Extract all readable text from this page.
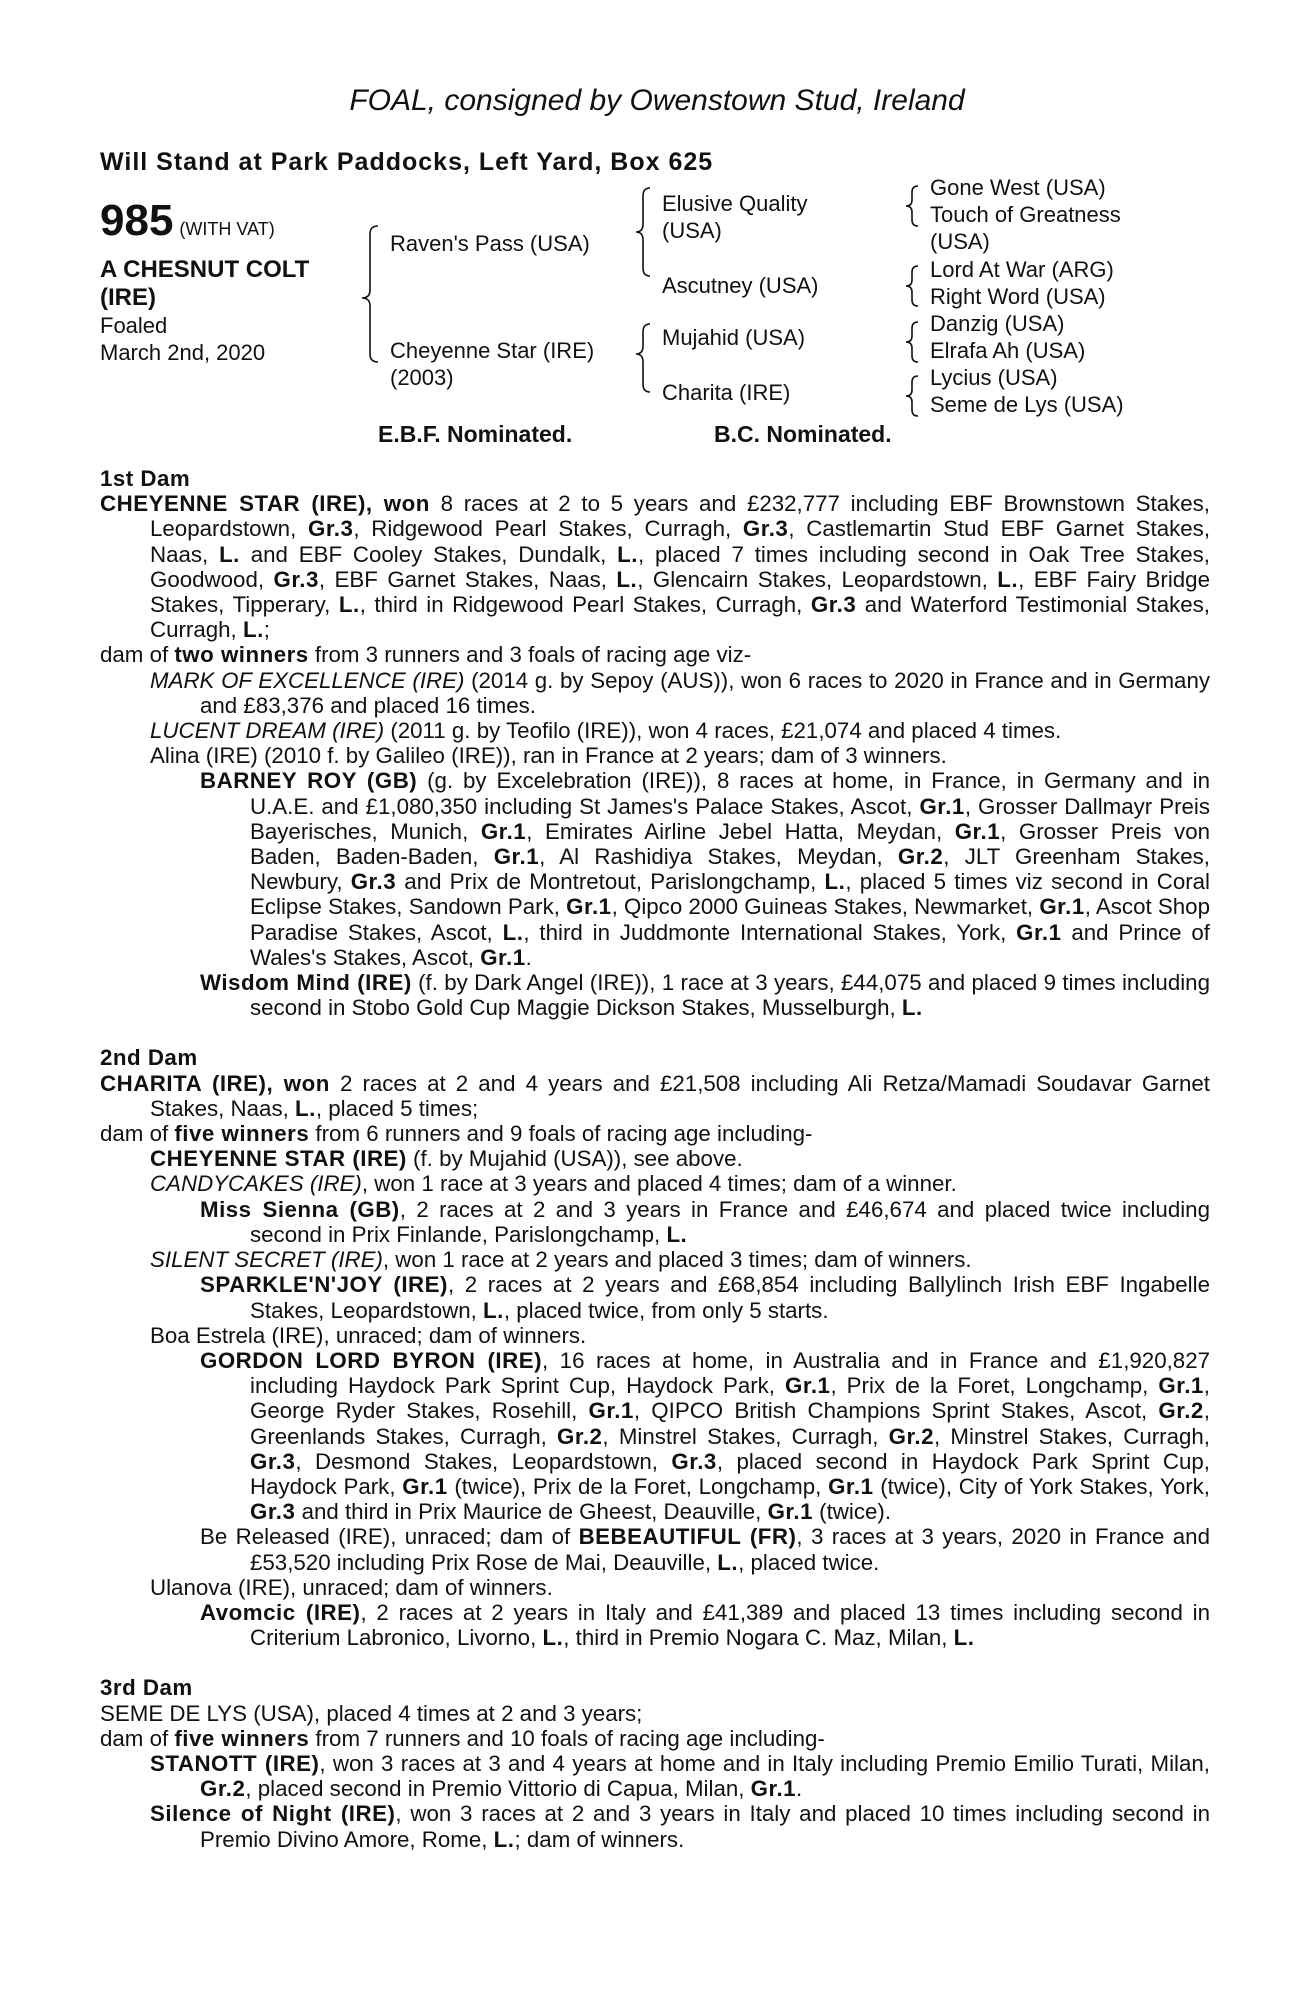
FOAL, consigned by Owenstown Stud, Ireland
Will Stand at Park Paddocks, Left Yard, Box 625
985 (WITH VAT)
A CHESNUT COLT
(IRE)
Foaled
March 2nd, 2020
Raven's Pass (USA)
Cheyenne Star (IRE)
(2003)
Elusive Quality
(USA)
Ascutney (USA)
Mujahid (USA)
Charita (IRE)
Gone West (USA)
Touch of Greatness
(USA)
Lord At War (ARG)
Right Word (USA)
Danzig (USA)
Elrafa Ah (USA)
Lycius (USA)
Seme de Lys (USA)
E.B.F. Nominated.	B.C. Nominated.

1st Dam

CHEYENNE STAR (IRE), won 8 races at 2 to 5 years and £232,777 including EBF Brownstown Stakes, Leopardstown, Gr.3, Ridgewood Pearl Stakes, Curragh, Gr.3, Castlemartin Stud EBF Garnet Stakes, Naas, L. and EBF Cooley Stakes, Dundalk, L., placed 7 times including second in Oak Tree Stakes, Goodwood, Gr.3, EBF Garnet Stakes, Naas, L., Glencairn Stakes, Leopardstown, L., EBF Fairy Bridge Stakes, Tipperary, L., third in Ridgewood Pearl Stakes, Curragh, Gr.3 and Waterford Testimonial Stakes, Curragh, L.;

dam of two winners from 3 runners and 3 foals of racing age viz-

MARK OF EXCELLENCE (IRE) (2014 g. by Sepoy (AUS)), won 6 races to 2020 in France and in Germany and £83,376 and placed 16 times.

LUCENT DREAM (IRE) (2011 g. by Teofilo (IRE)), won 4 races, £21,074 and placed 4 times.

Alina (IRE) (2010 f. by Galileo (IRE)), ran in France at 2 years; dam of 3 winners.

BARNEY ROY (GB) (g. by Excelebration (IRE)), 8 races at home, in France, in Germany and in U.A.E. and £1,080,350 including St James's Palace Stakes, Ascot, Gr.1, Grosser Dallmayr Preis Bayerisches, Munich, Gr.1, Emirates Airline Jebel Hatta, Meydan, Gr.1, Grosser Preis von Baden, Baden-Baden, Gr.1, Al Rashidiya Stakes, Meydan, Gr.2, JLT Greenham Stakes, Newbury, Gr.3 and Prix de Montretout, Parislongchamp, L., placed 5 times viz second in Coral Eclipse Stakes, Sandown Park, Gr.1, Qipco 2000 Guineas Stakes, Newmarket, Gr.1, Ascot Shop Paradise Stakes, Ascot, L., third in Juddmonte International Stakes, York, Gr.1 and Prince of Wales's Stakes, Ascot, Gr.1.

Wisdom Mind (IRE) (f. by Dark Angel (IRE)), 1 race at 3 years, £44,075 and placed 9 times including second in Stobo Gold Cup Maggie Dickson Stakes, Musselburgh, L.

2nd Dam

CHARITA (IRE), won 2 races at 2 and 4 years and £21,508 including Ali Retza/Mamadi Soudavar Garnet Stakes, Naas, L., placed 5 times;

dam of five winners from 6 runners and 9 foals of racing age including-

CHEYENNE STAR (IRE) (f. by Mujahid (USA)), see above.

CANDYCAKES (IRE), won 1 race at 3 years and placed 4 times; dam of a winner.

Miss Sienna (GB), 2 races at 2 and 3 years in France and £46,674 and placed twice including second in Prix Finlande, Parislongchamp, L.

SILENT SECRET (IRE), won 1 race at 2 years and placed 3 times; dam of winners.

SPARKLE'N'JOY (IRE), 2 races at 2 years and £68,854 including Ballylinch Irish EBF Ingabelle Stakes, Leopardstown, L., placed twice, from only 5 starts.

Boa Estrela (IRE), unraced; dam of winners.

GORDON LORD BYRON (IRE), 16 races at home, in Australia and in France and £1,920,827 including Haydock Park Sprint Cup, Haydock Park, Gr.1, Prix de la Foret, Longchamp, Gr.1, George Ryder Stakes, Rosehill, Gr.1, QIPCO British Champions Sprint Stakes, Ascot, Gr.2, Greenlands Stakes, Curragh, Gr.2, Minstrel Stakes, Curragh, Gr.2, Minstrel Stakes, Curragh, Gr.3, Desmond Stakes, Leopardstown, Gr.3, placed second in Haydock Park Sprint Cup, Haydock Park, Gr.1 (twice), Prix de la Foret, Longchamp, Gr.1 (twice), City of York Stakes, York, Gr.3 and third in Prix Maurice de Gheest, Deauville, Gr.1 (twice).

Be Released (IRE), unraced; dam of BEBEAUTIFUL (FR), 3 races at 3 years, 2020 in France and £53,520 including Prix Rose de Mai, Deauville, L., placed twice.

Ulanova (IRE), unraced; dam of winners.

Avomcic (IRE), 2 races at 2 years in Italy and £41,389 and placed 13 times including second in Criterium Labronico, Livorno, L., third in Premio Nogara C. Maz, Milan, L.

3rd Dam

SEME DE LYS (USA), placed 4 times at 2 and 3 years;

dam of five winners from 7 runners and 10 foals of racing age including-

STANOTT (IRE), won 3 races at 3 and 4 years at home and in Italy including Premio Emilio Turati, Milan, Gr.2, placed second in Premio Vittorio di Capua, Milan, Gr.1.

Silence of Night (IRE), won 3 races at 2 and 3 years in Italy and placed 10 times including second in Premio Divino Amore, Rome, L.; dam of winners.
